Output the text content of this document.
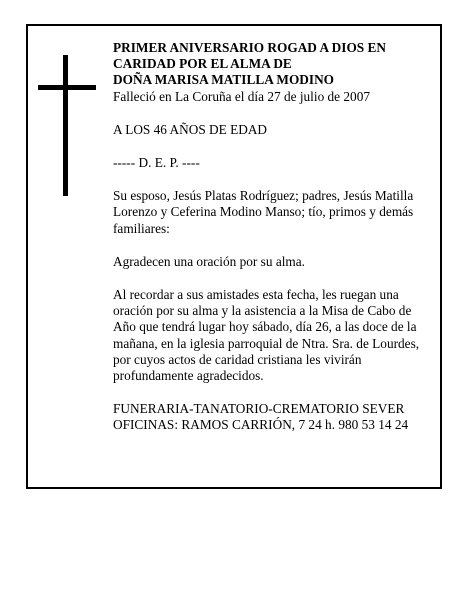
PRIMER ANIVERSARIO ROGAD A DIOS EN

CARIDAD POR EL ALMA DE

DOÑA MARISA MATILLA MODINO

Falleció en La Coruña el día 27 de julio de 2007

A LOS 46 AÑOS DE EDAD

----- D. E. P. ----

Su esposo, Jesús Platas Rodríguez; padres, Jesús Matilla Lorenzo y Ceferina Modino Manso; tío, primos y demás familiares:

Agradecen una oración por su alma.

Al recordar a sus amistades esta fecha, les ruegan una oración por su alma y la asistencia a la Misa de Cabo de Año que tendrá lugar hoy sábado, día 26, a las doce de la mañana, en la iglesia parroquial de Ntra. Sra. de Lourdes, por cuyos actos de caridad cristiana les vivirán profundamente agradecidos.

FUNERARIA-TANATORIO-CREMATORIO SEVER

OFICINAS: RAMOS CARRIÓN, 7 24 h. 980 53 14 24
